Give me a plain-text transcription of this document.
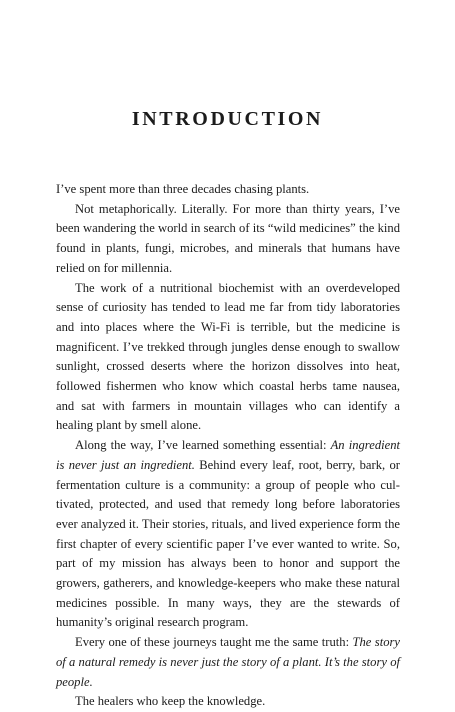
INTRODUCTION

I’ve spent more than three decades chasing plants.

Not metaphorically. Literally. For more than thirty years, I’ve been wandering the world in search of its “wild medicines” the kind found in plants, fungi, microbes, and minerals that humans have relied on for millennia.

The work of a nutritional biochemist with an overdeveloped sense of curiosity has tended to lead me far from tidy laboratories and into places where the Wi-Fi is terrible, but the medicine is magnificent. I’ve trekked through jungles dense enough to swallow sunlight, crossed deserts where the horizon dissolves into heat, followed fishermen who know which coastal herbs tame nausea, and sat with farmers in mountain villages who can identify a healing plant by smell alone.

Along the way, I’ve learned something essential: An ingredient is never just an ingredient. Behind every leaf, root, berry, bark, or fermentation culture is a community: a group of people who cultivated, protected, and used that remedy long before laboratories ever analyzed it. Their stories, rituals, and lived experience form the first chapter of every scientific paper I’ve ever wanted to write. So, part of my mission has always been to honor and support the growers, gatherers, and knowledge-keepers who make these natural medicines possible. In many ways, they are the stewards of humanity’s original research program.

Every one of these journeys taught me the same truth: The story of a natural remedy is never just the story of a plant. It’s the story of people.

The healers who keep the knowledge.
